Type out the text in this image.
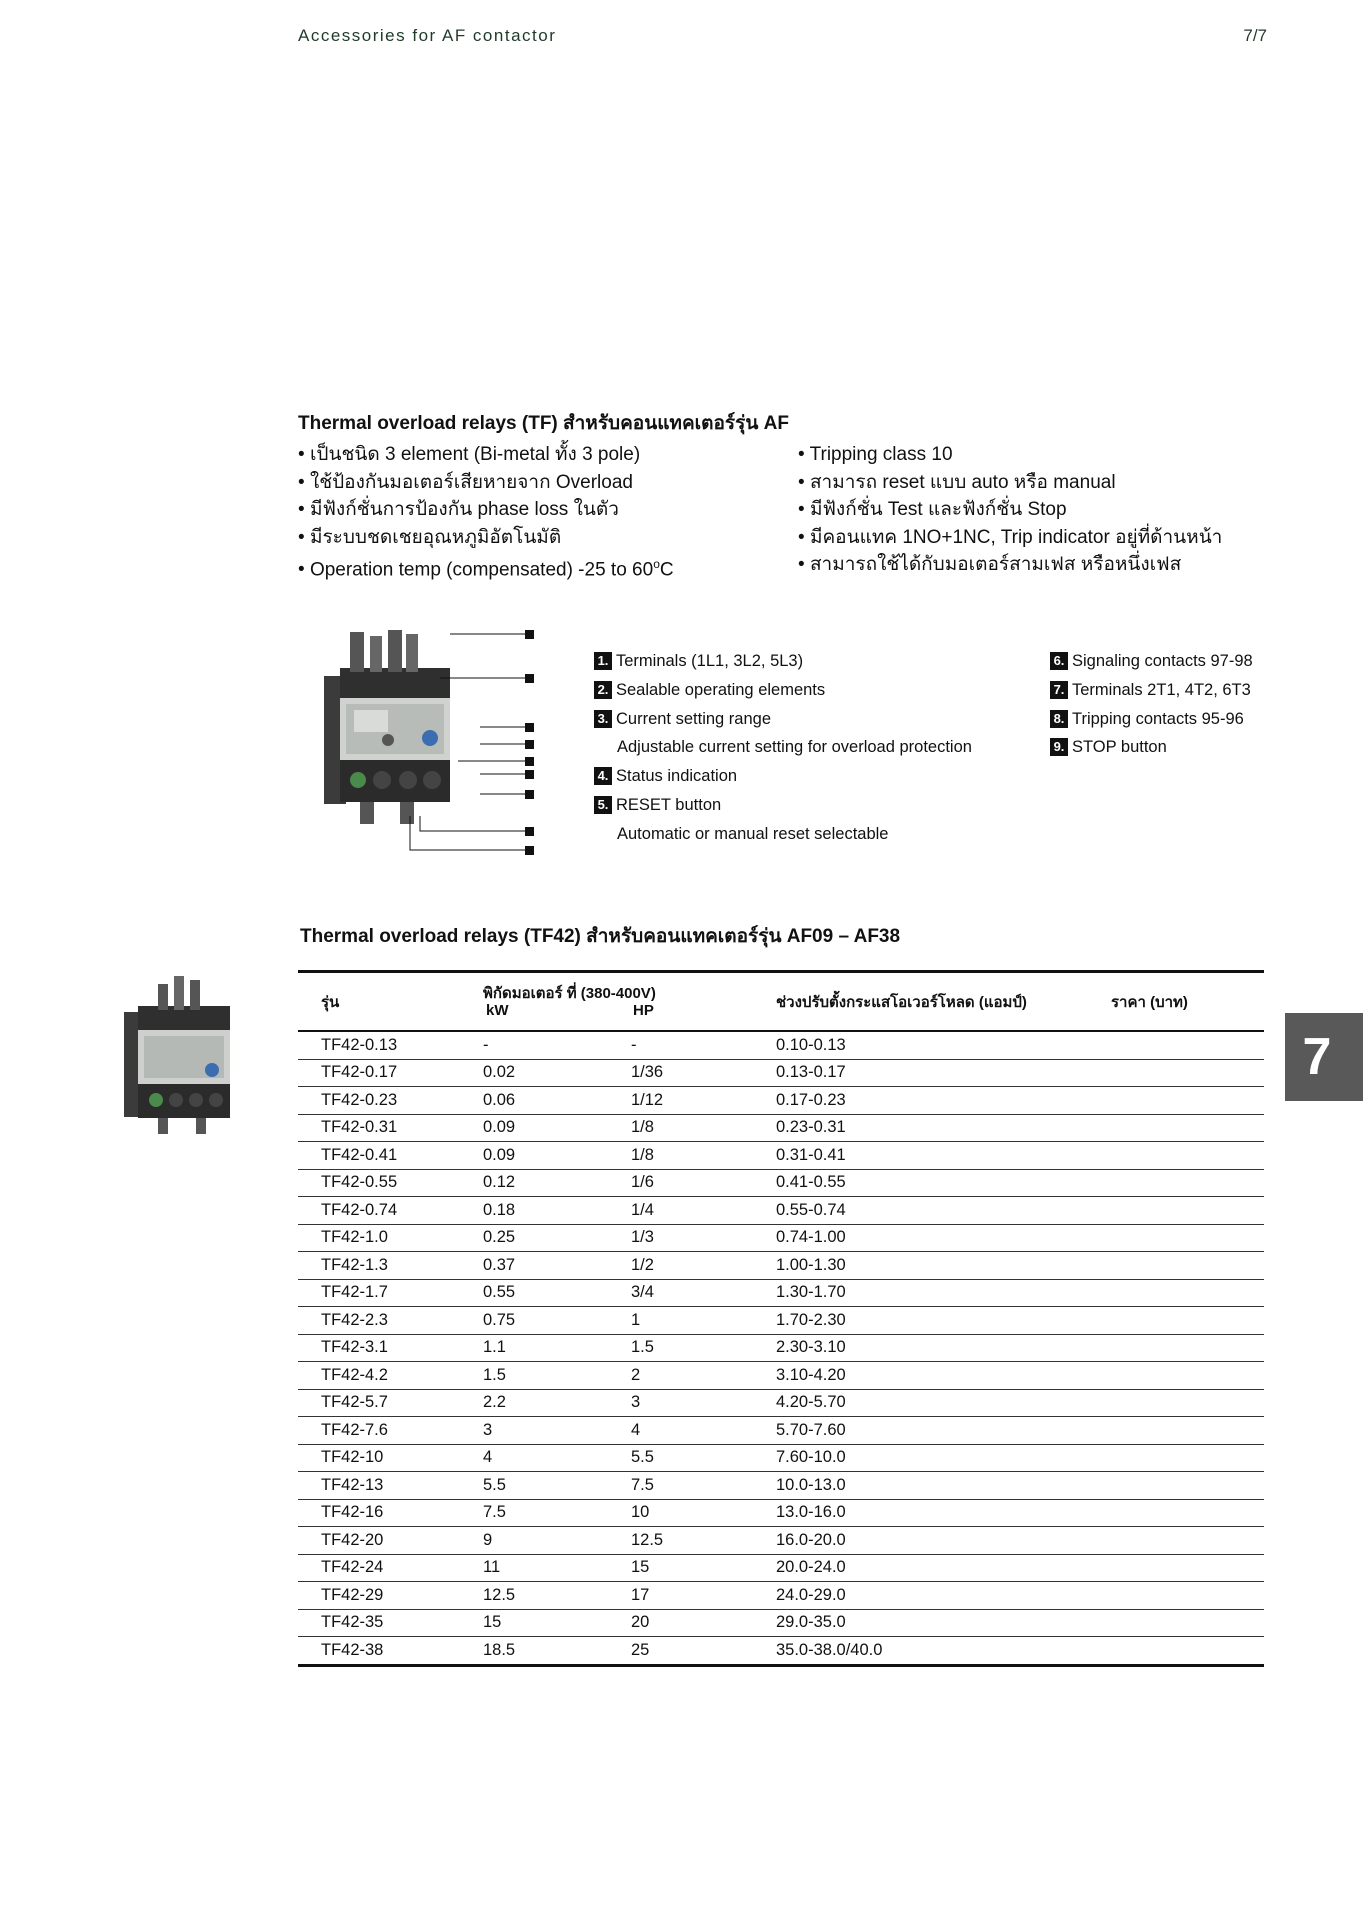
Accessories for AF contactor	7/7
Thermal overload relays (TF) สำหรับคอนแทคเตอร์รุ่น AF
• เป็นชนิด 3 element (Bi-metal ทั้ง 3 pole)
• ใช้ป้องกันมอเตอร์เสียหายจาก Overload
• มีฟังก์ชั่นการป้องกัน phase loss ในตัว
• มีระบบชดเชยอุณหภูมิอัตโนมัติ
• Operation temp (compensated) -25 to 60$^o$C
• Tripping class 10
• สามารถ reset แบบ auto หรือ manual
• มีฟังก์ชั่น Test และฟังก์ชั่น Stop
• มีคอนแทค 1NO+1NC, Trip indicator อยู่ที่ด้านหน้า
• สามารถใช้ได้กับมอเตอร์สามเฟส หรือหนึ่งเฟส
1. Terminals (1L1, 3L2, 5L3)
2. Sealable operating elements
3. Current setting range
Adjustable current setting for overload protection
4. Status indication
5. RESET button
Automatic or manual reset selectable
6. Signaling contacts 97-98
7. Terminals 2T1, 4T2, 6T3
8. Tripping contacts 95-96
9. STOP button
Thermal overload relays (TF42) สำหรับคอนแทคเตอร์รุ่น AF09 – AF38
7
รุ่น	พิกัดมอเตอร์ ที่ (380-400V)
kW HP		ช่วงปรับตั้งกระแสโอเวอร์โหลด (แอมป์)	ราคา (บาท)
TF42-0.13	-	-	0.10-0.13	
TF42-0.17	0.02	1/36	0.13-0.17	
TF42-0.23	0.06	1/12	0.17-0.23	
TF42-0.31	0.09	1/8	0.23-0.31	
TF42-0.41	0.09	1/8	0.31-0.41	
TF42-0.55	0.12	1/6	0.41-0.55	
TF42-0.74	0.18	1/4	0.55-0.74	
TF42-1.0	0.25	1/3	0.74-1.00	
TF42-1.3	0.37	1/2	1.00-1.30	
TF42-1.7	0.55	3/4	1.30-1.70	
TF42-2.3	0.75	1	1.70-2.30	
TF42-3.1	1.1	1.5	2.30-3.10	
TF42-4.2	1.5	2	3.10-4.20	
TF42-5.7	2.2	3	4.20-5.70	
TF42-7.6	3	4	5.70-7.60	
TF42-10	4	5.5	7.60-10.0	
TF42-13	5.5	7.5	10.0-13.0	
TF42-16	7.5	10	13.0-16.0	
TF42-20	9	12.5	16.0-20.0	
TF42-24	11	15	20.0-24.0	
TF42-29	12.5	17	24.0-29.0	
TF42-35	15	20	29.0-35.0	
TF42-38	18.5	25	35.0-38.0/40.0	
